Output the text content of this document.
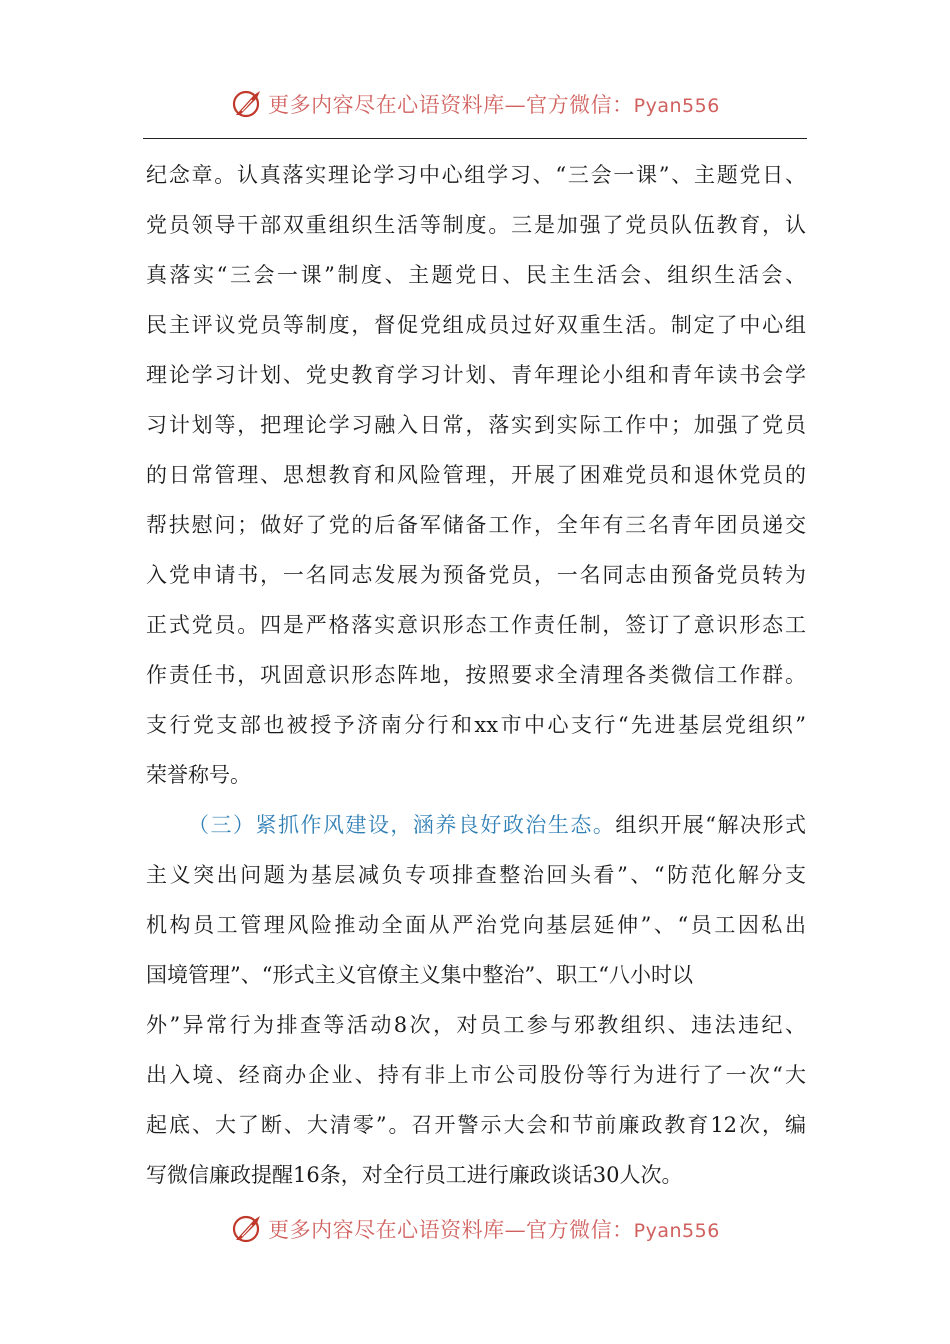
更多内容尽在心语资料库—官方微信：Pyan556

纪念章。认真落实理论学习中心组学习、“三会一课”、主题党日、
党员领导干部双重组织生活等制度。三是加强了党员队伍教育，认
真落实“三会一课”制度、主题党日、民主生活会、组织生活会、
民主评议党员等制度，督促党组成员过好双重生活。制定了中心组
理论学习计划、党史教育学习计划、青年理论小组和青年读书会学
习计划等，把理论学习融入日常，落实到实际工作中；加强了党员
的日常管理、思想教育和风险管理，开展了困难党员和退休党员的
帮扶慰问；做好了党的后备军储备工作，全年有三名青年团员递交
入党申请书，一名同志发展为预备党员，一名同志由预备党员转为
正式党员。四是严格落实意识形态工作责任制，签订了意识形态工
作责任书，巩固意识形态阵地，按照要求全清理各类微信工作群。
支行党支部也被授予济南分行和xx市中心支行“先进基层党组织”
荣誉称号。

（三）紧抓作风建设，涵养良好政治生态。组织开展“解决形式
主义突出问题为基层减负专项排查整治回头看”、“防范化解分支
机构员工管理风险推动全面从严治党向基层延伸”、“员工因私出
国境管理”、“形式主义官僚主义集中整治”、职工“八小时以
外”异常行为排查等活动8次，对员工参与邪教组织、违法违纪、
出入境、经商办企业、持有非上市公司股份等行为进行了一次“大
起底、大了断、大清零”。召开警示大会和节前廉政教育12次，编
写微信廉政提醒16条，对全行员工进行廉政谈话30人次。

更多内容尽在心语资料库—官方微信：Pyan556
